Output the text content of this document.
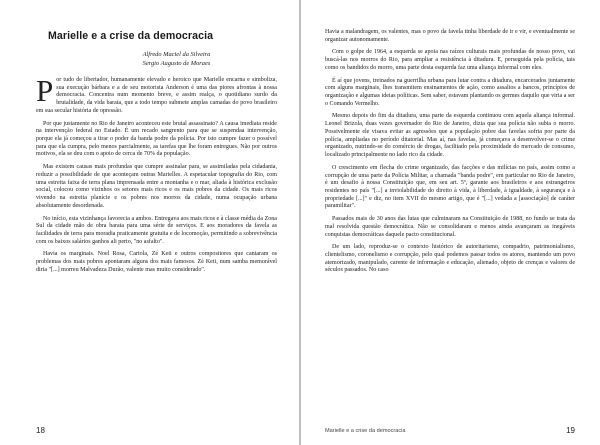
Marielle e a crise da democracia
Alfredo Maciel da Silveira
Sergio Augusto de Moraes

Por tudo de libertador, humanamente elevado e heroico que Marielle encarna e simboliza, sua execução bárbara e a de seu motorista Anderson é uma das piores afrontas à nossa democracia. Concentra num momento breve, e assim realça, o quotidiano surdo da brutalidade, da vida barata, que a todo tempo submete amplas camadas do povo brasileiro em sua secular história de opressão.

Por que justamente no Rio de Janeiro aconteceu este brutal assassinato? A causa imediata reside na intervenção federal no Estado. É um recado sangrento para que se suspendaa intervenção, porque ela já começou a tirar o poder da banda podre da polícia. Por isto cumpre fazer o possível para que ela cumpra, pelo menos parcialmente, as tarefas que lhe foram entregues. Não por outros motivos, ela se deu com o apoio de cerca de 70% da população.

Mas existem causas mais profundas que cumpre assinalar para, se assimiladas pela cidadania, reduzir a possibilidade de que aconteçam outras Marielles. A espetacular topografia do Rio, com uma estreita faixa de terra plana imprensada entre a montanha e o mar, aliada à histórica exclusão social, colocou como vizinhos os setores mais ricos e os mais pobres da cidade. Os mais ricos vivendo na estreita planície e os pobres nos morros da cidade, numa ocupação urbana absolutamente desordenada.

No início, esta vizinhança favorecia a ambos. Entregava aos mais ricos e à classe média da Zona Sul da cidade mão de obra barata para uma série de serviços. E aos moradores da favela as facilidades de terra para moradia praticamente gratuita e de locomoção, permitindo a sobrevivência com os baixos salários ganhos ali perto, "no asfalto".

Havia os marginais. Noel Rosa, Cartola, Zé Keti e outros compositores que cantaram os problemas dos mais pobres apontaram alguns dos mais famosos. Zé Keti, num samba memorável diria "[...] morreu Malvadeza Durão, valente mas muito considerado".

18

Havia a malandragem, os valentes, mas o povo da favela tinha liberdade de ir e vir, e eventualmente se organizar autonomamente.

Com o golpe de 1964, a esquerda se apoia nas raízes culturais mais profundas de nosso povo, vai buscá-las nos morros do Rio, para ampliar a resistência à ditadura. E, perseguida pela polícia, tais como os bandidos do morro, uma parte desta esquerda faz uma aliança informal com eles.

É aí que jovens, treinados na guerrilha urbana para lutar contra a ditadura, encarcerados juntamente com alguns marginais, lhes transmitem ensinamentos de ação, como assaltos a bancos, princípios de organização e algumas ideias políticas. Sem saber, estavam plantando os germes daquilo que viria a ser o Comando Vermelho.

Mesmo depois do fim da ditadura, uma parte da esquerda continuou com aquela aliança informal. Leonel Brizola, duas vezes governador do Rio de Janeiro, dizia que sua polícia não subia o morro. Possivelmente ele visava evitar as agressões que a população pobre das favelas sofria por parte da polícia, ampliadas no período ditatorial. Mas aí, nas favelas, já começava a desenvolver-se o crime organizado, nutrindo-se do comércio de drogas, facilitado pela proximidade do mercado de consumo, localizado principalmente no lado rico da cidade.

O crescimento em flecha do crime organizado, das facções e das milícias no país, assim como a corrupção de uma parte da Polícia Militar, a chamada "banda podre", em particular no Rio de Janeiro, é um desafio à nossa Constituição que, em seu art. 5º, garante aos brasileiros e aos estrangeiros residentes no país "[...] a inviolabilidade do direito à vida, à liberdade, à igualdade, à segurança e à propriedade [...]" e diz, no item XVII do mesmo artigo, que é "[...] vedada a [associação] de caráter paramilitar".

Passados mais de 30 anos das lutas que culminaram na Constituição de 1988, no fundo se trata da mal resolvida questão democrática. Não se consolidaram e menos ainda avançaram as inegáveis conquistas democráticas daquele pacto constitucional.

De um lado, reproduz-se o contexto histórico de autoritarismo, compadrio, patrimonialismo, clientelismo, coronelismo e corrupção, pelo qual podemos passar todos os atores, mantendo um povo atemorizado, manipulado, carente de informação e educação, alienado, objeto de crenças e valores de séculos passados. No caso

Marielle e a crise da democracia	19
